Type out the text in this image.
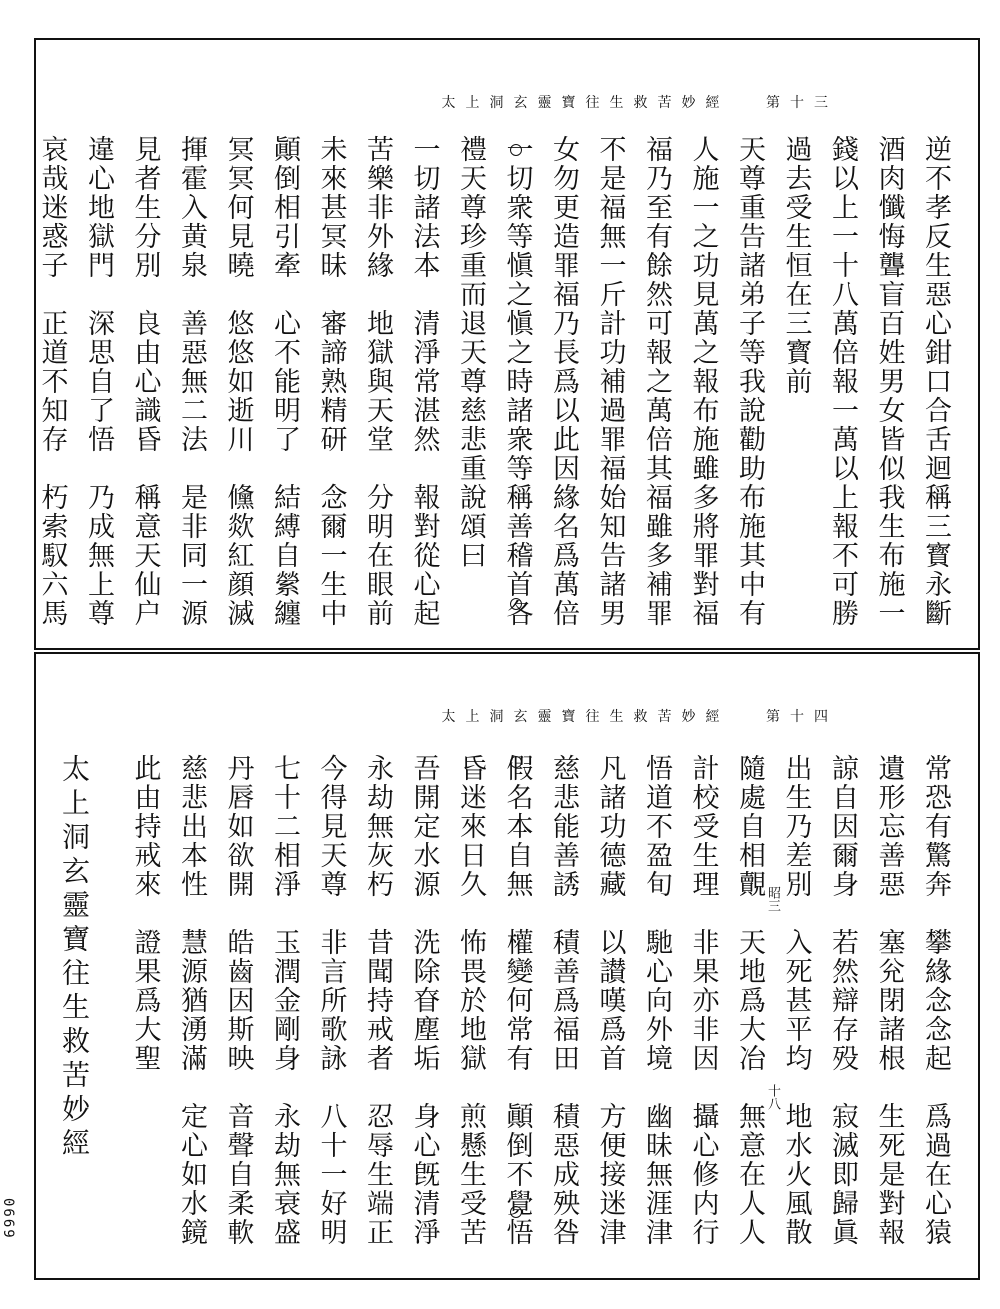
太上洞玄靈寶往生救苦妙經	第十三
逆不孝反生惡心鉗口合舌迴稱三寳永斷
酒肉懺悔聾盲百姓男女皆似我生布施一
錢以上一十八萬倍報一萬以上報不可勝
過去受生恒在三寳前
天尊重告諸弟子等我說勸助布施其中有
人施一之功見萬之報布施雖多將罪對福
福乃至有餘然可報之萬倍其福雖多補罪
不是福無一斤計功補過罪福始知告諸男
女勿更造罪福乃長爲以此因緣名爲萬倍
一切衆等愼之愼之時諸衆等稱善稽首各
禮天尊珍重而退天尊慈悲重說頌曰
一切諸法本　清淨常湛然　報對從心起
苦樂非外緣　地獄與天堂　分明在眼前
未來甚冥昧　審諦熟精研　念爾一生中
顚倒相引牽　心不能明了　結縛自縈纏
冥冥何見曉　悠悠如逝川　儵欻紅顔滅
揮霍入黄泉　善惡無二法　是非同一源
見者生分別　良由心識昏　稱意天仙户
違心地獄門　深思自了悟　乃成無上尊
哀哉迷惑子　正道不知存　朽索馭六馬
太上洞玄靈寶往生救苦妙經	第十四
常恐有驚奔　攀緣念念起　爲過在心猿
遺形忘善惡　塞兊閉諸根　生死是對報
諒自因爾身　若然辯存殁　寂滅即歸眞
出生乃差別　入死甚平均　地水火風散
隨處自相覿　天地爲大冶　無意在人人
計校受生理　非果亦非因　攝心修内行
悟道不盈旬　馳心向外境　幽昧無涯津
凡諸功德藏　以讃嘆爲首　方便接迷津
慈悲能善誘　積善爲福田　積惡成殃咎
假名本自無　權變何常有　顚倒不覺悟
昏迷來日久　怖畏於地獄　煎懸生受苦
吾開定水源　洗除眘塵垢　身心旣清淨
永劫無灰朽　昔聞持戒者　忍辱生端正
今得見天尊　非言所歌詠　八十一好明
七十二相淨　玉潤金剛身　永劫無衰盛
丹唇如欲開　皓齒因斯映　音聲自柔軟
慈悲出本性　慧源猶湧滿　定心如水鏡
此由持戒來　證果爲大聖	昭三
十八
太上洞玄靈寶往生救苦妙經
0669
